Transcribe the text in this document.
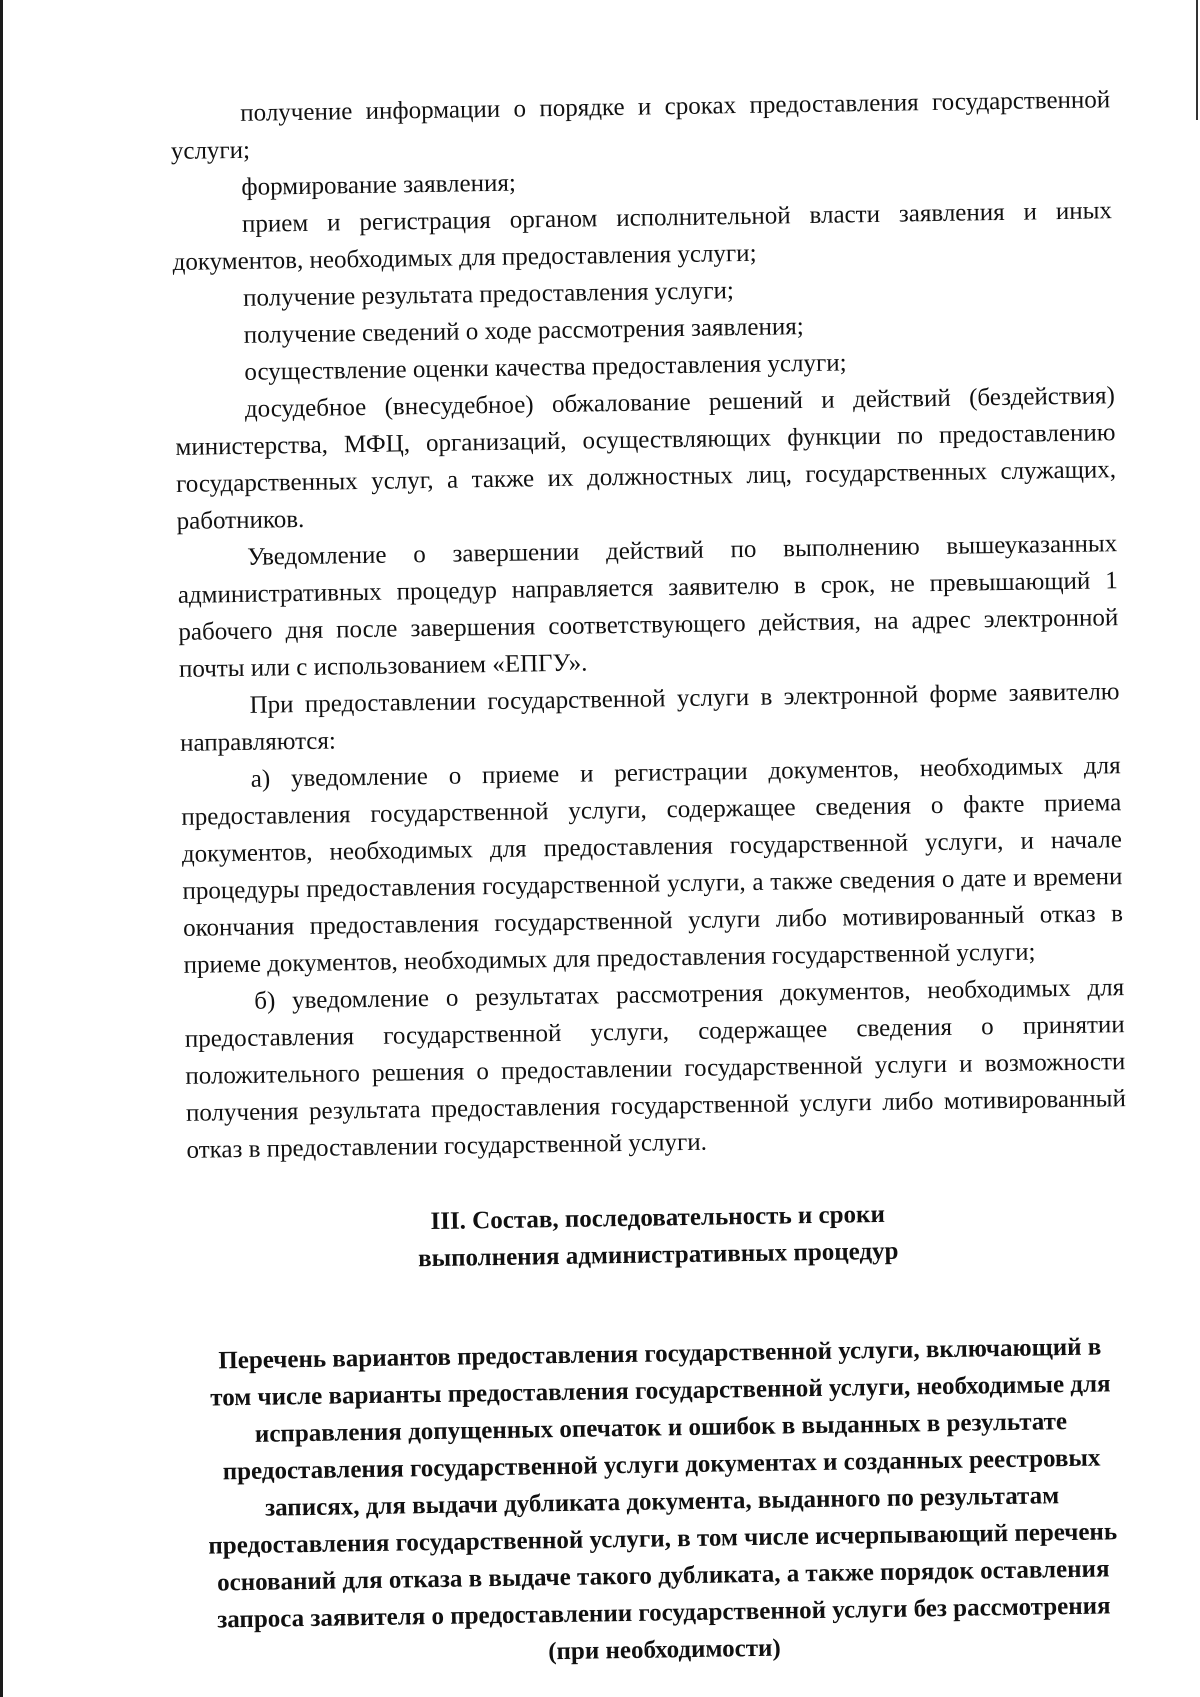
получение информации о порядке и сроках предоставления государственной услуги;

формирование заявления;

прием и регистрация органом исполнительной власти заявления и иных документов, необходимых для предоставления услуги;

получение результата предоставления услуги;

получение сведений о ходе рассмотрения заявления;

осуществление оценки качества предоставления услуги;

досудебное (внесудебное) обжалование решений и действий (бездействия) министерства, МФЦ, организаций, осуществляющих функции по предоставлению государственных услуг, а также их должностных лиц, государственных служащих, работников.

Уведомление о завершении действий по выполнению вышеуказанных административных процедур направляется заявителю в срок, не превышающий 1 рабочего дня после завершения соответствующего действия, на адрес электронной почты или с использованием «ЕПГУ».

При предоставлении государственной услуги в электронной форме заявителю направляются:

а) уведомление о приеме и регистрации документов, необходимых для предоставления государственной услуги, содержащее сведения о факте приема документов, необходимых для предоставления государственной услуги, и начале процедуры предоставления государственной услуги, а также сведения о дате и времени окончания предоставления государственной услуги либо мотивированный отказ в приеме документов, необходимых для предоставления государственной услуги;

б) уведомление о результатах рассмотрения документов, необходимых для предоставления государственной услуги, содержащее сведения о принятии положительного решения о предоставлении государственной услуги и возможности получения результата предоставления государственной услуги либо мотивированный отказ в предоставлении государственной услуги.

III. Состав, последовательность и сроки
выполнения административных процедур
Перечень вариантов предоставления государственной услуги, включающий в том числе варианты предоставления государственной услуги, необходимые для исправления допущенных опечаток и ошибок в выданных в результате предоставления государственной услуги документах и созданных реестровых записях, для выдачи дубликата документа, выданного по результатам предоставления государственной услуги, в том числе исчерпывающий перечень оснований для отказа в выдаче такого дубликата, а также порядок оставления запроса заявителя о предоставлении государственной услуги без рассмотрения (при необходимости)
